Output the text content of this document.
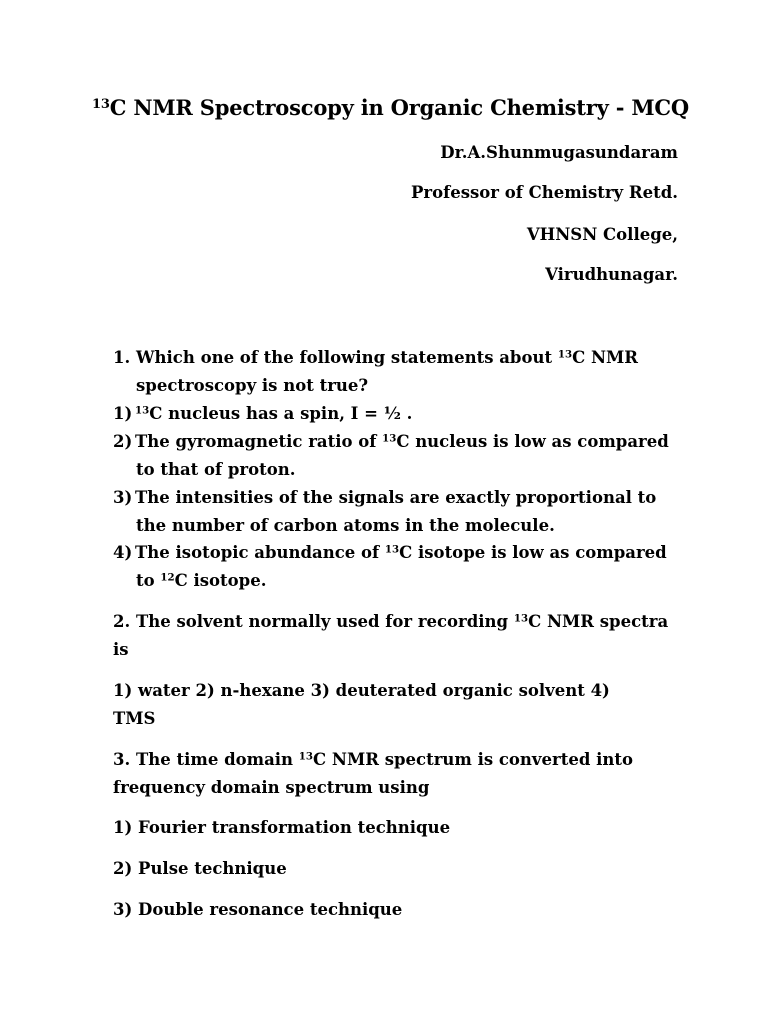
$^{13}$C NMR Spectroscopy in Organic Chemistry - MCQ
Dr.A.Shunmugasundaram
Professor of Chemistry Retd.
VHNSN College,
Virudhunagar.
1. Which one of the following statements about $^{13}$C NMR
spectroscopy is not true?
1) $^{13}$C nucleus has a spin, I = ½ .
2) The gyromagnetic ratio of $^{13}$C nucleus is low as compared
to that of proton.
3) The intensities of the signals are exactly proportional to
the number of carbon atoms in the molecule.
4) The isotopic abundance of $^{13}$C isotope is low as compared
to $^{12}$C isotope.
2. The solvent normally used for recording $^{13}$C NMR spectra
is
1) water 2) n-hexane 3) deuterated organic solvent 4)
TMS
3. The time domain $^{13}$C NMR spectrum is converted into
frequency domain spectrum using
1) Fourier transformation technique
2) Pulse technique
3) Double resonance technique
